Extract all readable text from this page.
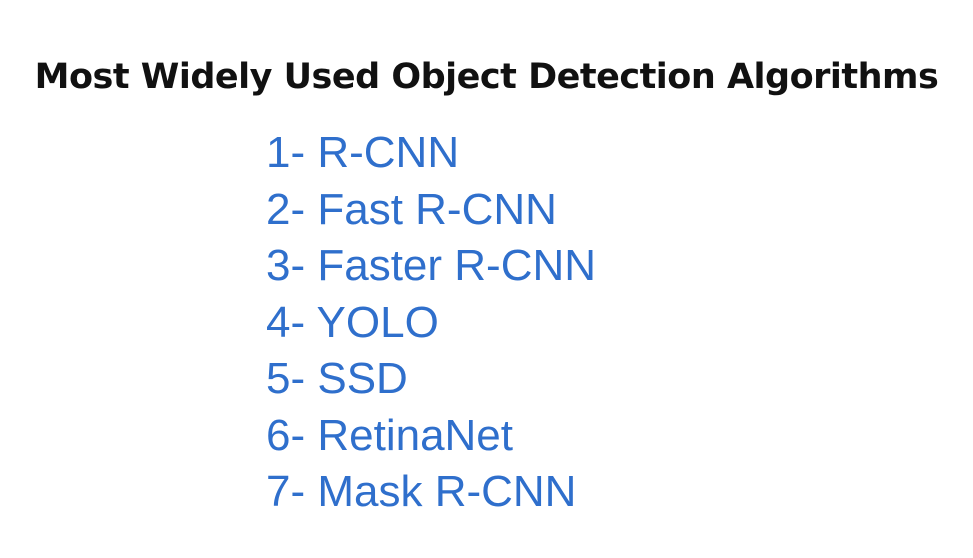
Most Widely Used Object Detection Algorithms
1- R-CNN
2- Fast R-CNN
3- Faster R-CNN
4- YOLO
5- SSD
6- RetinaNet
7- Mask R-CNN
